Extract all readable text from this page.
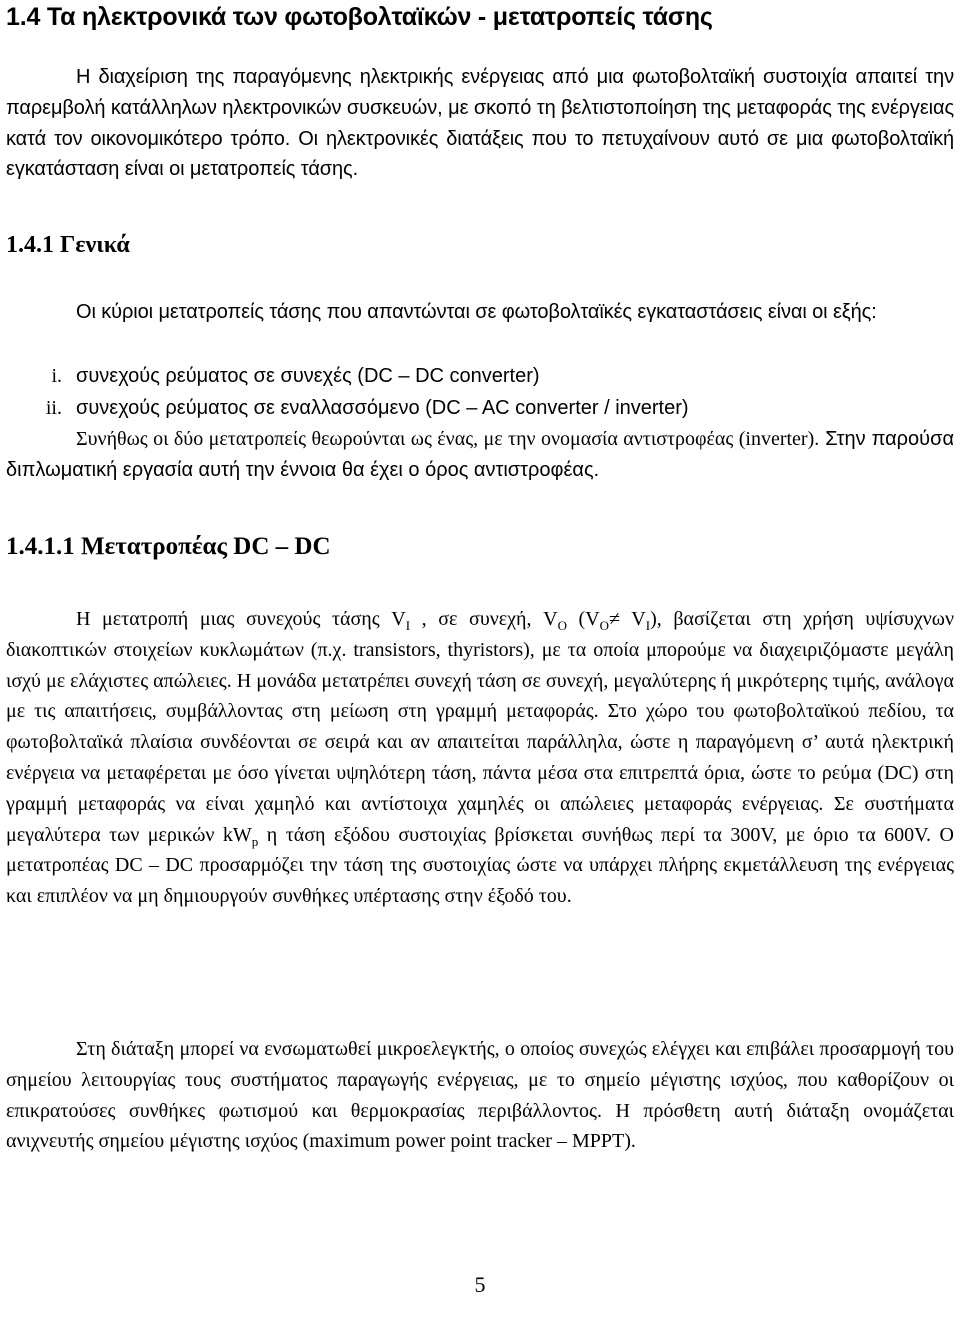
1.4 Τα ηλεκτρονικά των φωτοβολταϊκών - μετατροπείς τάσης

Η διαχείριση της παραγόμενης ηλεκτρικής ενέργειας από μια φωτοβολταϊκή συστοιχία απαιτεί την παρεμβολή κατάλληλων ηλεκτρονικών συσκευών, με σκοπό τη βελτιστοποίηση της μεταφοράς της ενέργειας κατά τον οικονομικότερο τρόπο. Οι ηλεκτρονικές διατάξεις που το πετυχαίνουν αυτό σε μια φωτοβολταϊκή εγκατάσταση είναι οι μετατροπείς τάσης.

1.4.1 Γενικά

Οι κύριοι μετατροπείς τάσης που απαντώνται σε φωτοβολταϊκές εγκαταστάσεις είναι οι εξής:

i. συνεχούς ρεύματος σε συνεχές (DC – DC converter)

ii. συνεχούς ρεύματος σε εναλλασσόμενο (DC – AC converter / inverter)

Συνήθως οι δύο μετατροπείς θεωρούνται ως ένας, με την ονομασία αντιστροφέας (inverter). Στην παρούσα διπλωματική εργασία αυτή την έννοια θα έχει ο όρος αντιστροφέας.

1.4.1.1 Μετατροπέας DC – DC

Η μετατροπή μιας συνεχούς τάσης $V_I$ , σε συνεχή, $V_O$ $(V_O\ne V_I)$, βασίζεται στη χρήση υψίσυχνων διακοπτικών στοιχείων κυκλωμάτων (π.χ. transistors, thyristors), με τα οποία μπορούμε να διαχειριζόμαστε μεγάλη ισχύ με ελάχιστες απώλειες. Η μονάδα μετατρέπει συνεχή τάση σε συνεχή, μεγαλύτερης ή μικρότερης τιμής, ανάλογα με τις απαιτήσεις, συμβάλλοντας στη μείωση στη γραμμή μεταφοράς. Στο χώρο του φωτοβολταϊκού πεδίου, τα φωτοβολταϊκά πλαίσια συνδέονται σε σειρά και αν απαιτείται παράλληλα, ώστε η παραγόμενη σ’ αυτά ηλεκτρική ενέργεια να μεταφέρεται με όσο γίνεται υψηλότερη τάση, πάντα μέσα στα επιτρεπτά όρια, ώστε το ρεύμα (DC) στη γραμμή μεταφοράς να είναι χαμηλό και αντίστοιχα χαμηλές οι απώλειες μεταφοράς ενέργειας. Σε συστήματα μεγαλύτερα των μερικών $kW_p$ η τάση εξόδου συστοιχίας βρίσκεται συνήθως περί τα 300V, με όριο τα 600V. Ο μετατροπέας DC – DC προσαρμόζει την τάση της συστοιχίας ώστε να υπάρχει πλήρης εκμετάλλευση της ενέργειας και επιπλέον να μη δημιουργούν συνθήκες υπέρτασης στην έξοδό του.

Στη διάταξη μπορεί να ενσωματωθεί μικροελεγκτής, ο οποίος συνεχώς ελέγχει και επιβάλει προσαρμογή του σημείου λειτουργίας τους συστήματος παραγωγής ενέργειας, με το σημείο μέγιστης ισχύος, που καθορίζουν οι επικρατούσες συνθήκες φωτισμού και θερμοκρασίας περιβάλλοντος. Η πρόσθετη αυτή διάταξη ονομάζεται ανιχνευτής σημείου μέγιστης ισχύος (maximum power point tracker – MPPT).

5
